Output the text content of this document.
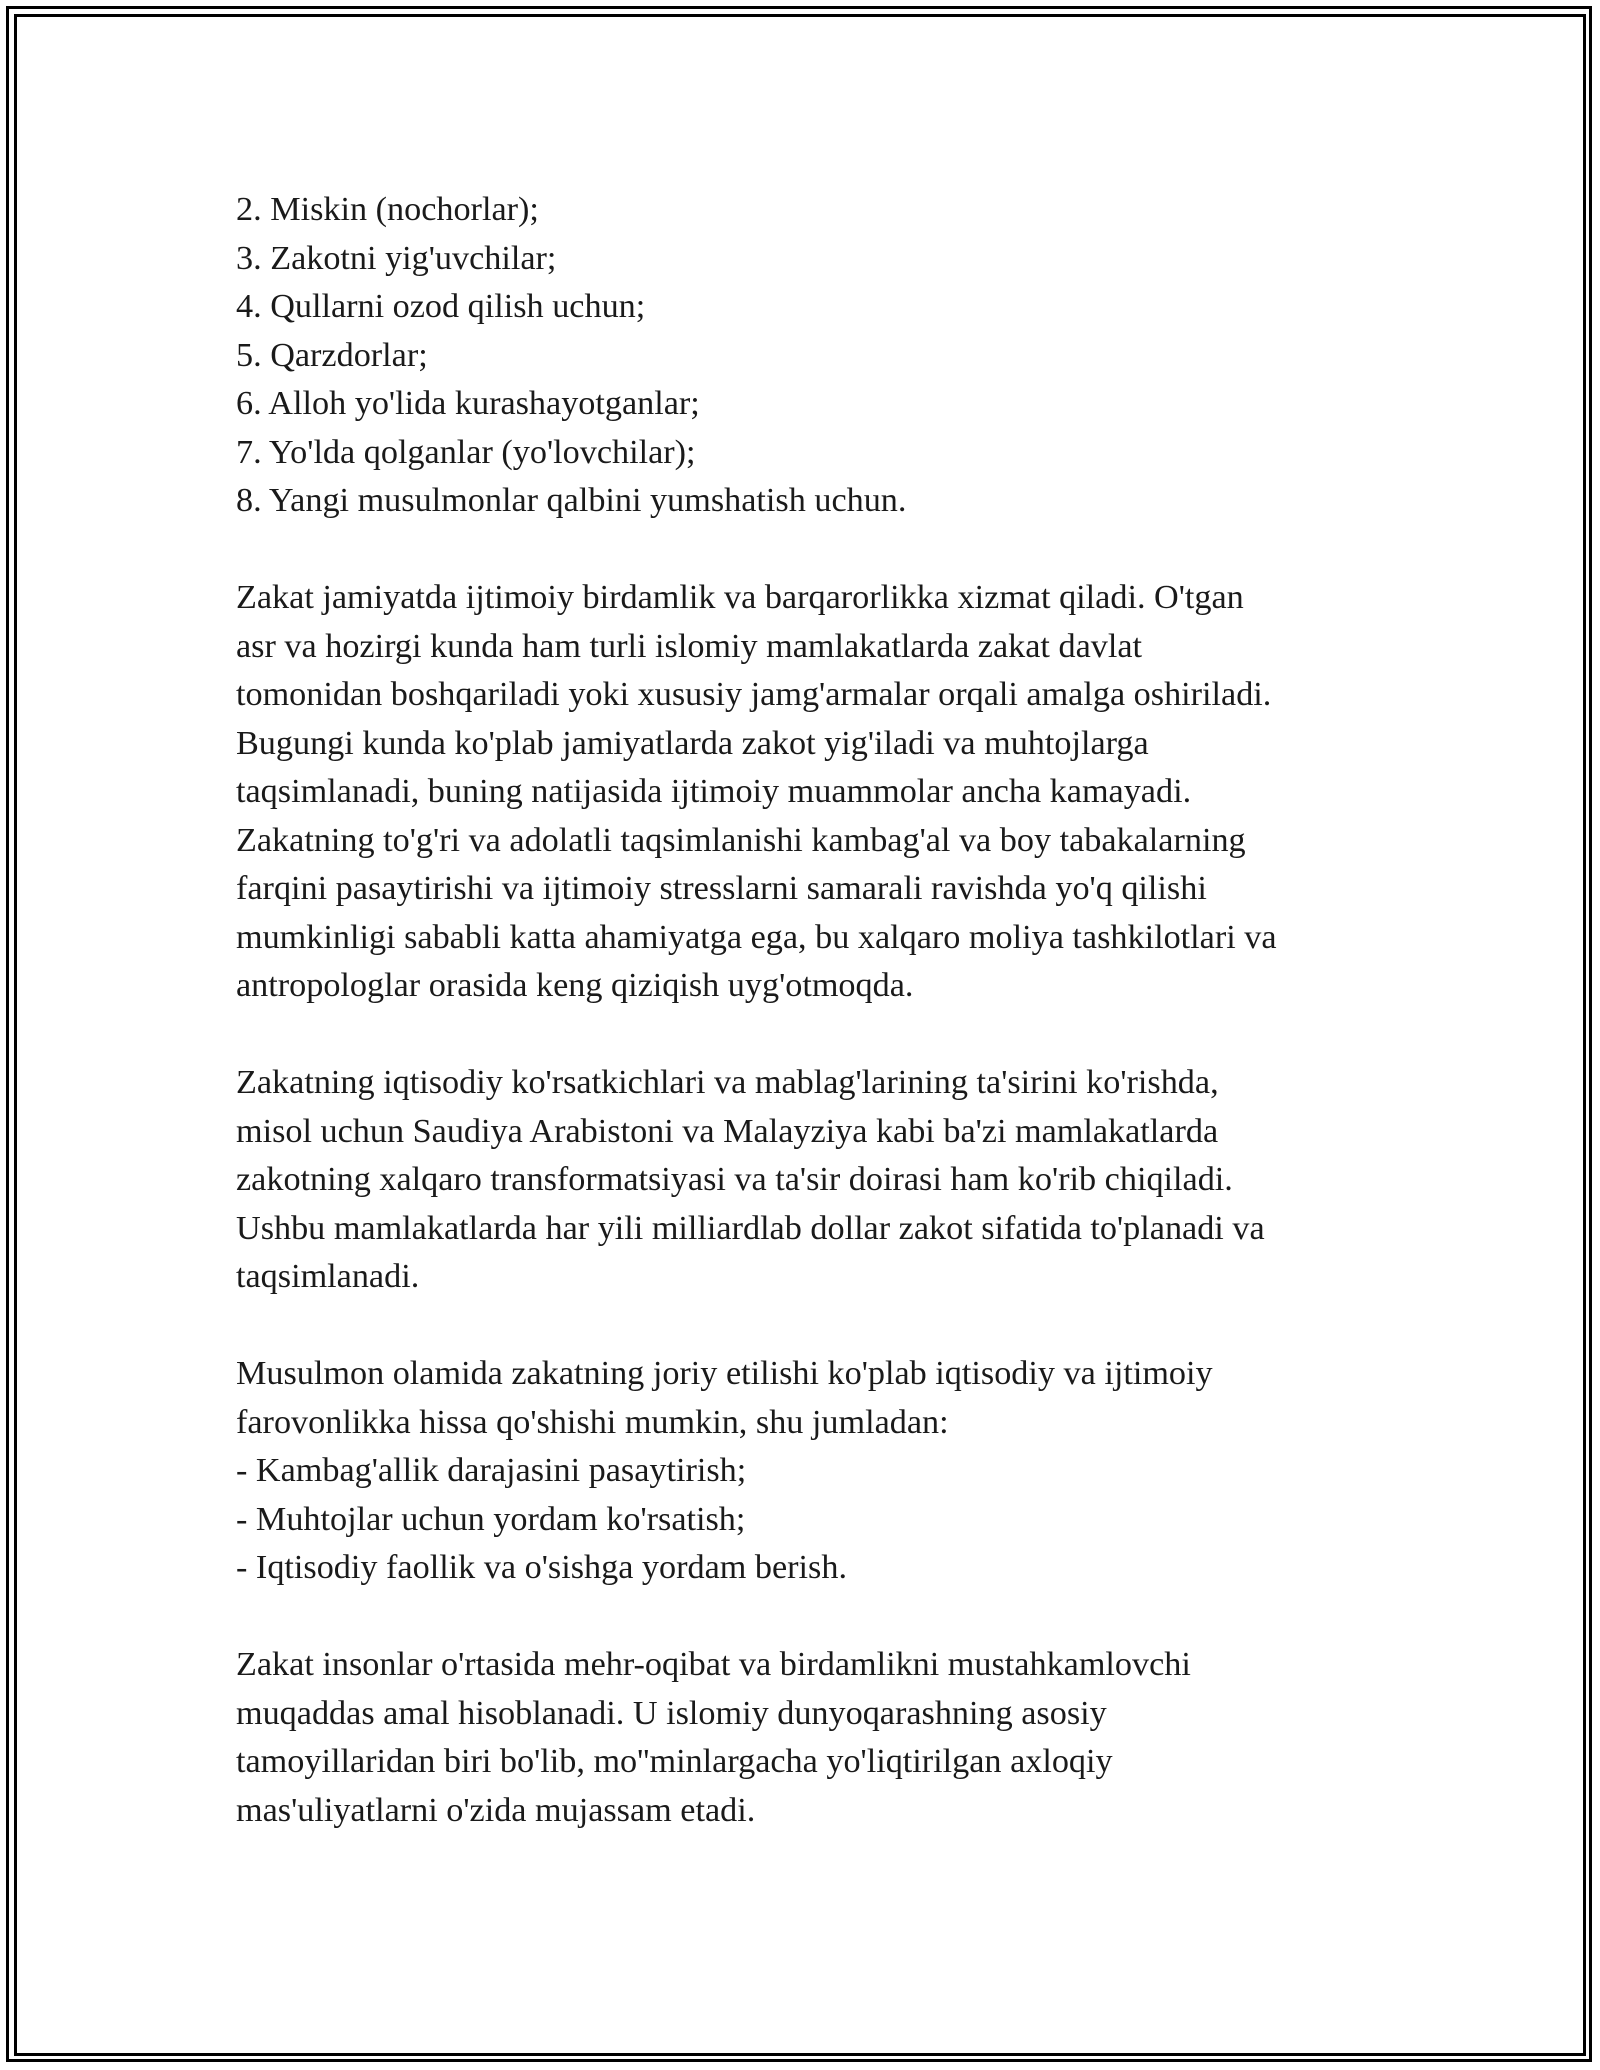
2. Miskin (nochorlar);
3. Zakotni yig'uvchilar;
4. Qullarni ozod qilish uchun;
5. Qarzdorlar;
6. Alloh yo'lida kurashayotganlar;
7. Yo'lda qolganlar (yo'lovchilar);
8. Yangi musulmonlar qalbini yumshatish uchun.
Zakat jamiyatda ijtimoiy birdamlik va barqarorlikka xizmat qiladi. O'tgan
asr va hozirgi kunda ham turli islomiy mamlakatlarda zakat davlat
tomonidan boshqariladi yoki xususiy jamg'armalar orqali amalga oshiriladi.
Bugungi kunda ko'plab jamiyatlarda zakot yig'iladi va muhtojlarga
taqsimlanadi, buning natijasida ijtimoiy muammolar ancha kamayadi.
Zakatning to'g'ri va adolatli taqsimlanishi kambag'al va boy tabakalarning
farqini pasaytirishi va ijtimoiy stresslarni samarali ravishda yo'q qilishi
mumkinligi sababli katta ahamiyatga ega, bu xalqaro moliya tashkilotlari va
antropologlar orasida keng qiziqish uyg'otmoqda.
Zakatning iqtisodiy ko'rsatkichlari va mablag'larining ta'sirini ko'rishda,
misol uchun Saudiya Arabistoni va Malayziya kabi ba'zi mamlakatlarda
zakotning xalqaro transformatsiyasi va ta'sir doirasi ham ko'rib chiqiladi.
Ushbu mamlakatlarda har yili milliardlab dollar zakot sifatida to'planadi va
taqsimlanadi.
Musulmon olamida zakatning joriy etilishi ko'plab iqtisodiy va ijtimoiy
farovonlikka hissa qo'shishi mumkin, shu jumladan:
- Kambag'allik darajasini pasaytirish;
- Muhtojlar uchun yordam ko'rsatish;
- Iqtisodiy faollik va o'sishga yordam berish.
Zakat insonlar o'rtasida mehr-oqibat va birdamlikni mustahkamlovchi
muqaddas amal hisoblanadi. U islomiy dunyoqarashning asosiy
tamoyillaridan biri bo'lib, mo''minlargacha yo'liqtirilgan axloqiy
mas'uliyatlarni o'zida mujassam etadi.
